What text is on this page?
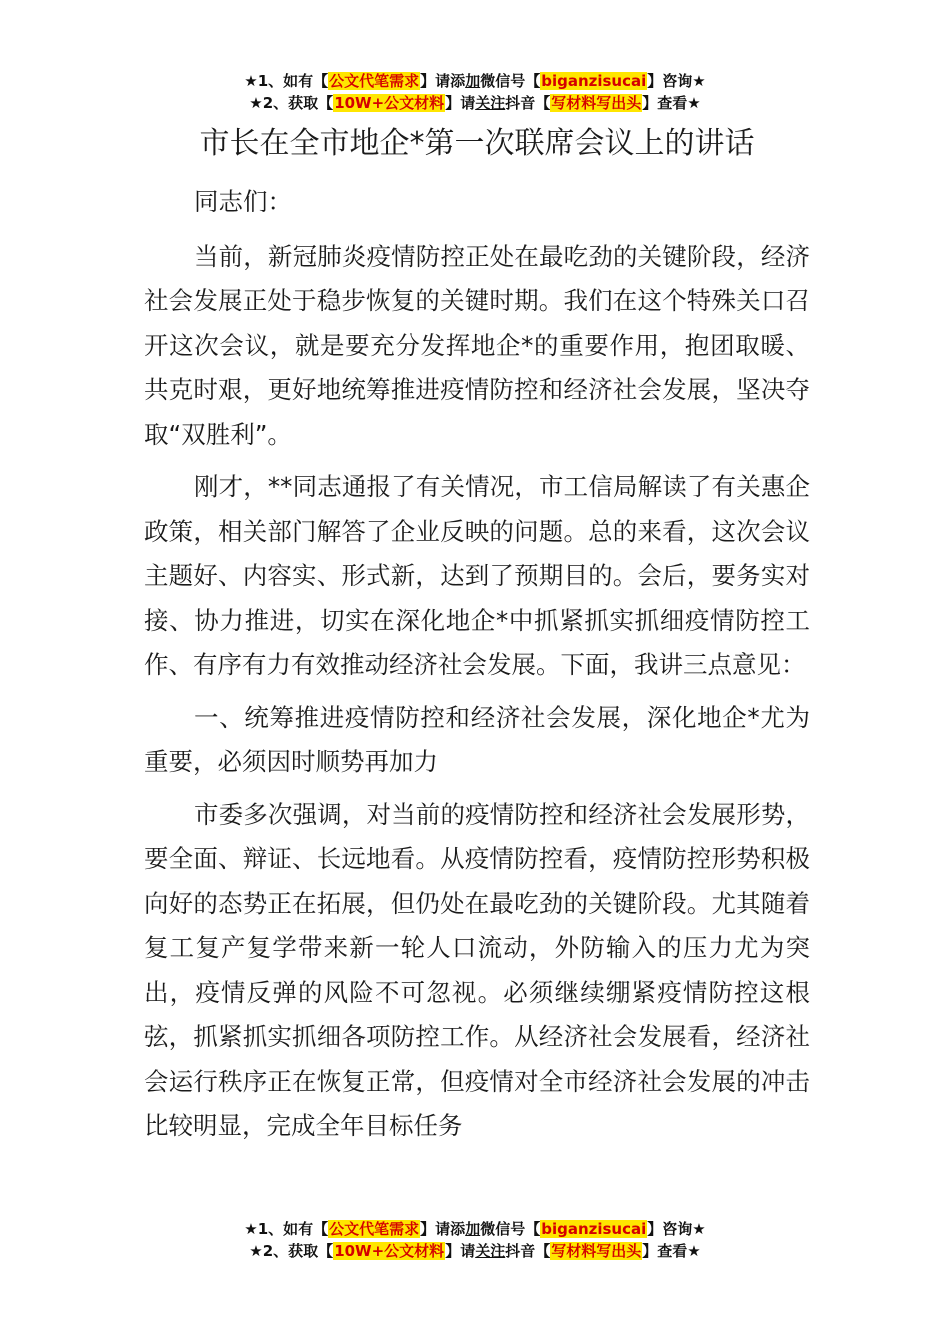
★1、如有【公文代笔需求】请添加微信号【biganzisucai】咨询★
★2、获取【10W+公文材料】请关注抖音【写材料写出头】查看★
市长在全市地企*第一次联席会议上的讲话

同志们：

当前，新冠肺炎疫情防控正处在最吃劲的关键阶段，经济社会发展正处于稳步恢复的关键时期。我们在这个特殊关口召开这次会议，就是要充分发挥地企*的重要作用，抱团取暖、共克时艰，更好地统筹推进疫情防控和经济社会发展，坚决夺取“双胜利”。

刚才，**同志通报了有关情况，市工信局解读了有关惠企政策，相关部门解答了企业反映的问题。总的来看，这次会议主题好、内容实、形式新，达到了预期目的。会后，要务实对接、协力推进，切实在深化地企*中抓紧抓实抓细疫情防控工作、有序有力有效推动经济社会发展。下面，我讲三点意见：

一、统筹推进疫情防控和经济社会发展，深化地企*尤为重要，必须因时顺势再加力

市委多次强调，对当前的疫情防控和经济社会发展形势，要全面、辩证、长远地看。从疫情防控看，疫情防控形势积极向好的态势正在拓展，但仍处在最吃劲的关键阶段。尤其随着复工复产复学带来新一轮人口流动，外防输入的压力尤为突出，疫情反弹的风险不可忽视。必须继续绷紧疫情防控这根弦，抓紧抓实抓细各项防控工作。从经济社会发展看，经济社会运行秩序正在恢复正常，但疫情对全市经济社会发展的冲击比较明显，完成全年目标任务

★1、如有【公文代笔需求】请添加微信号【biganzisucai】咨询★
★2、获取【10W+公文材料】请关注抖音【写材料写出头】查看★
